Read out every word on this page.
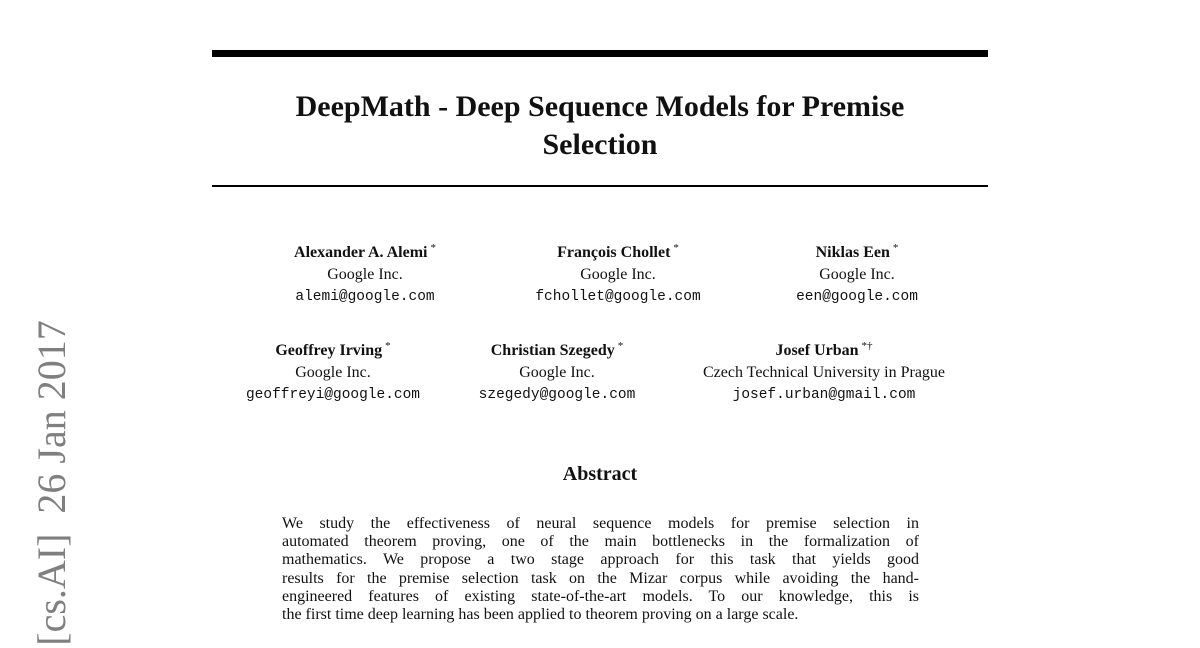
DeepMath - Deep Sequence Models for Premise
Selection
Alexander A. Alemi *
Google Inc.
alemi@google.com
François Chollet *
Google Inc.
fchollet@google.com
Niklas Een *
Google Inc.
een@google.com
Geoffrey Irving *
Google Inc.
geoffreyi@google.com
Christian Szegedy *
Google Inc.
szegedy@google.com
Josef Urban *†
Czech Technical University in Prague
josef.urban@gmail.com
Abstract

We study the effectiveness of neural sequence models for premise selection in
automated theorem proving, one of the main bottlenecks in the formalization of
mathematics. We propose a two stage approach for this task that yields good
results for the premise selection task on the Mizar corpus while avoiding the hand-
engineered features of existing state-of-the-art models. To our knowledge, this is
the first time deep learning has been applied to theorem proving on a large scale.

[cs.AI]26 Jan 2017
